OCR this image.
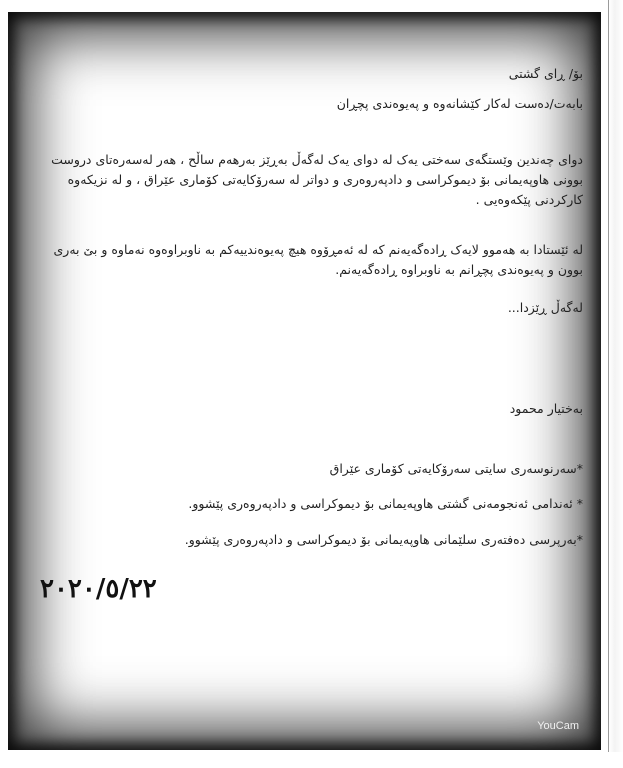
بۆ/ ڕای گشتی
بابەت/دەست لەکار کێشانەوە و پەیوەندی پچڕان
دوای چەندین وێستگەی سەختی یەک لە دوای یەک لەگەڵ بەڕێز بەرهەم ساڵح ، هەر لەسەرەتای دروست بوونی هاوپەیمانی بۆ دیموکراسی و دادپەروەری و دواتر لە سەرۆکایەتی کۆماری عێراق ، و لە نزیکەوە کارکردنی پێکەوەیی .
لە ئێستادا بە هەموو لایەک ڕادەگەیەنم کە لە ئەمڕۆوە هیچ پەیوەندییەکم بە ناوبراوەوە نەماوە و بێ بەری بوون و پەیوەندی پچڕانم بە ناوبراوە ڕادەگەیەنم.
لەگەڵ ڕێزدا...
بەختیار محمود
*سەرنوسەری سایتی سەرۆکایەتی کۆماری عێراق
* ئەندامی ئەنجومەنی گشتی هاوپەیمانی بۆ دیموکراسی و دادپەروەری پێشوو.
*بەرپرسی دەفتەری سلێمانی هاوپەیمانی بۆ دیموکراسی و دادپەروەری پێشوو.
٢٠٢٠/٥/٢٢
YouCam
